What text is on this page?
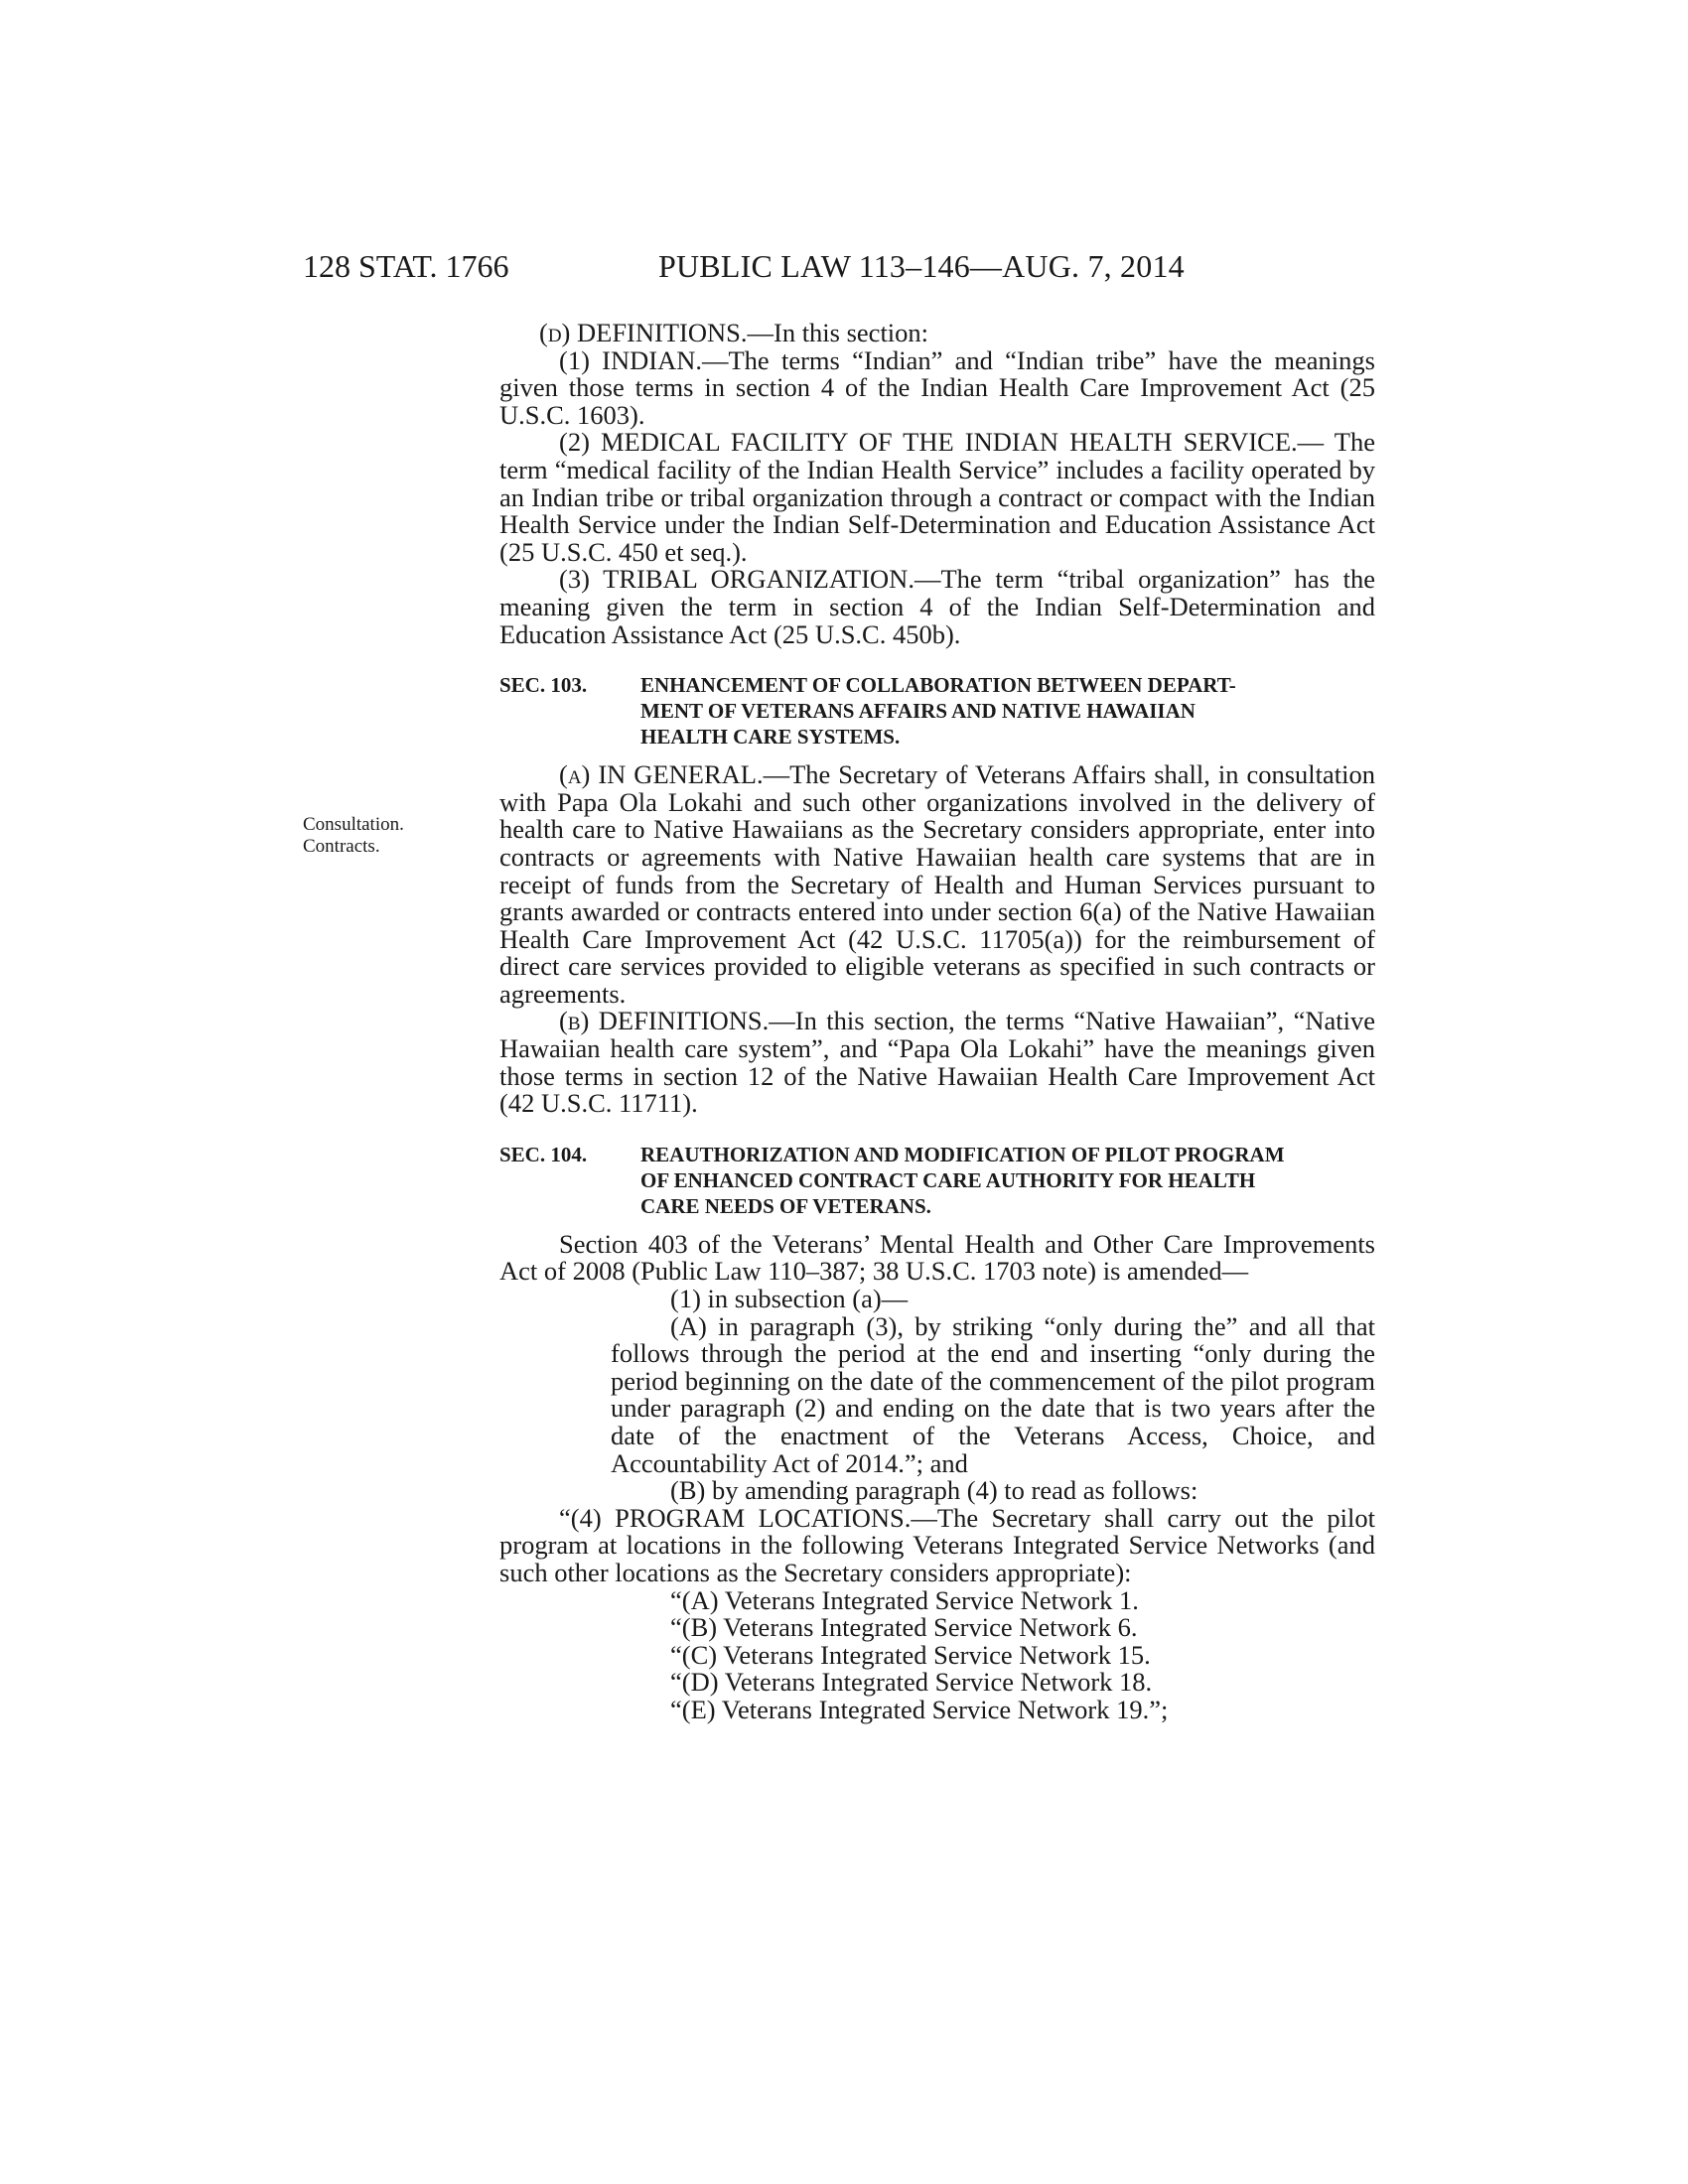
128 STAT. 1766	PUBLIC LAW 113–146—AUG. 7, 2014
Consultation.
Contracts.

(d) DEFINITIONS.—In this section:

(1) INDIAN.—The terms “Indian” and “Indian tribe” have the meanings given those terms in section 4 of the Indian Health Care Improvement Act (25 U.S.C. 1603).

(2) MEDICAL FACILITY OF THE INDIAN HEALTH SERVICE.— The term “medical facility of the Indian Health Service” includes a facility operated by an Indian tribe or tribal organization through a contract or compact with the Indian Health Service under the Indian Self-Determination and Education Assistance Act (25 U.S.C. 450 et seq.).

(3) TRIBAL ORGANIZATION.—The term “tribal organization” has the meaning given the term in section 4 of the Indian Self-Determination and Education Assistance Act (25 U.S.C. 450b).

SEC. 103.	ENHANCEMENT OF COLLABORATION BETWEEN DEPART-
MENT OF VETERANS AFFAIRS AND NATIVE HAWAIIAN
HEALTH CARE SYSTEMS.

(a) IN GENERAL.—The Secretary of Veterans Affairs shall, in consultation with Papa Ola Lokahi and such other organizations involved in the delivery of health care to Native Hawaiians as the Secretary considers appropriate, enter into contracts or agreements with Native Hawaiian health care systems that are in receipt of funds from the Secretary of Health and Human Services pursuant to grants awarded or contracts entered into under section 6(a) of the Native Hawaiian Health Care Improvement Act (42 U.S.C. 11705(a)) for the reimbursement of direct care services provided to eligible veterans as specified in such contracts or agreements.

(b) DEFINITIONS.—In this section, the terms “Native Hawaiian”, “Native Hawaiian health care system”, and “Papa Ola Lokahi” have the meanings given those terms in section 12 of the Native Hawaiian Health Care Improvement Act (42 U.S.C. 11711).

SEC. 104.	REAUTHORIZATION AND MODIFICATION OF PILOT PROGRAM
OF ENHANCED CONTRACT CARE AUTHORITY FOR HEALTH
CARE NEEDS OF VETERANS.

Section 403 of the Veterans’ Mental Health and Other Care Improvements Act of 2008 (Public Law 110–387; 38 U.S.C. 1703 note) is amended—

(1) in subsection (a)—

(A) in paragraph (3), by striking “only during the” and all that follows through the period at the end and inserting “only during the period beginning on the date of the commencement of the pilot program under paragraph (2) and ending on the date that is two years after the date of the enactment of the Veterans Access, Choice, and Accountability Act of 2014.”; and

(B) by amending paragraph (4) to read as follows:

“(4) PROGRAM LOCATIONS.—The Secretary shall carry out the pilot program at locations in the following Veterans Integrated Service Networks (and such other locations as the Secretary considers appropriate):

“(A) Veterans Integrated Service Network 1.

“(B) Veterans Integrated Service Network 6.

“(C) Veterans Integrated Service Network 15.

“(D) Veterans Integrated Service Network 18.

“(E) Veterans Integrated Service Network 19.”;
